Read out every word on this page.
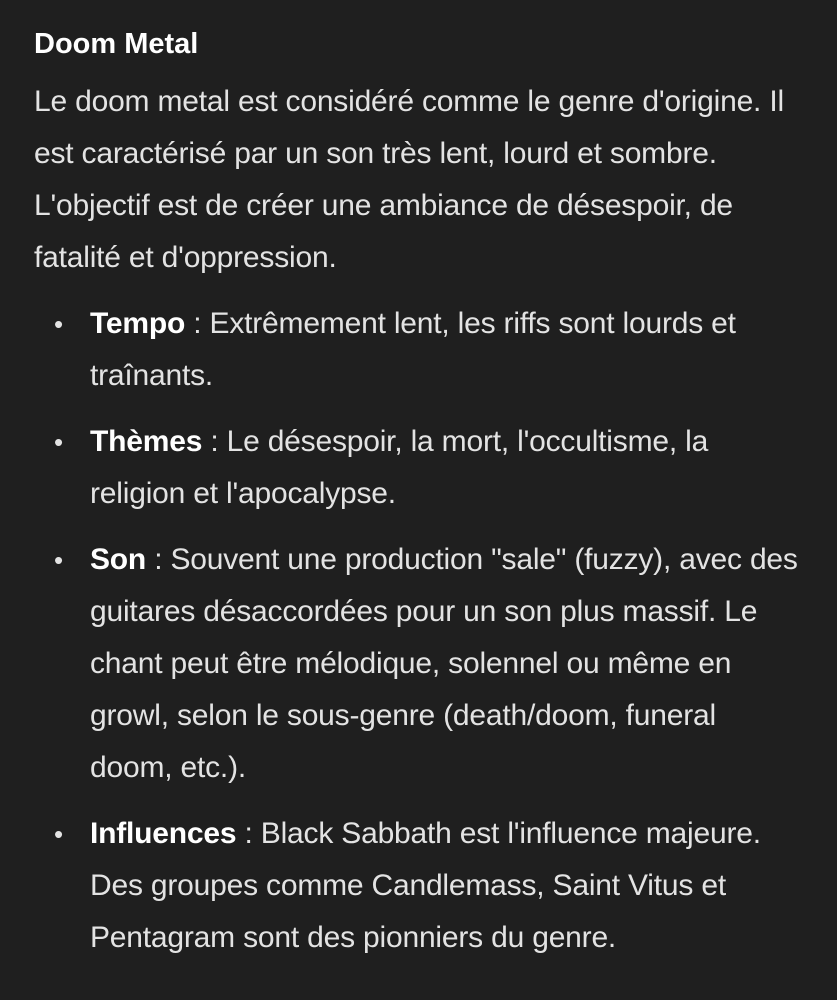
Doom Metal
Le doom metal est considéré comme le genre d'origine. Il est caractérisé par un son très lent, lourd et sombre. L'objectif est de créer une ambiance de désespoir, de fatalité et d'oppression.
• Tempo : Extrêmement lent, les riffs sont lourds et traînants.
• Thèmes : Le désespoir, la mort, l'occultisme, la religion et l'apocalypse.
• Son : Souvent une production "sale" (fuzzy), avec des guitares désaccordées pour un son plus massif. Le chant peut être mélodique, solennel ou même en growl, selon le sous-genre (death/doom, funeral doom, etc.).
• Influences : Black Sabbath est l'influence majeure. Des groupes comme Candlemass, Saint Vitus et Pentagram sont des pionniers du genre.
